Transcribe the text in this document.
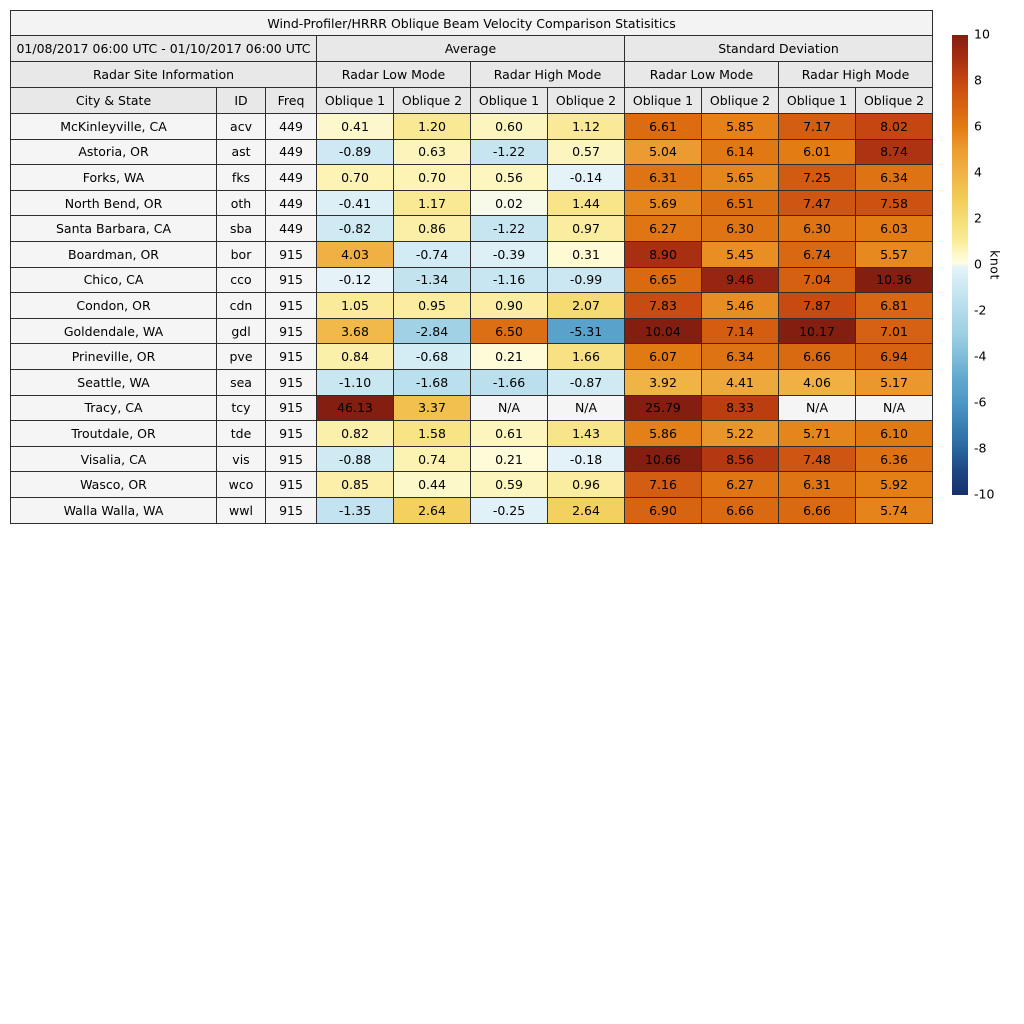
Wind-Profiler/HRRR Oblique Beam Velocity Comparison Statisitics										
01/08/2017 06:00 UTC - 01/10/2017 06:00 UTC			Average				Standard Deviation			
Radar Site Information			Radar Low Mode		Radar High Mode		Radar Low Mode		Radar High Mode	
City & State	ID	Freq	Oblique 1	Oblique 2	Oblique 1	Oblique 2	Oblique 1	Oblique 2	Oblique 1	Oblique 2
McKinleyville, CA	acv	449	0.41	1.20	0.60	1.12	6.61	5.85	7.17	8.02
Astoria, OR	ast	449	-0.89	0.63	-1.22	0.57	5.04	6.14	6.01	8.74
Forks, WA	fks	449	0.70	0.70	0.56	-0.14	6.31	5.65	7.25	6.34
North Bend, OR	oth	449	-0.41	1.17	0.02	1.44	5.69	6.51	7.47	7.58
Santa Barbara, CA	sba	449	-0.82	0.86	-1.22	0.97	6.27	6.30	6.30	6.03
Boardman, OR	bor	915	4.03	-0.74	-0.39	0.31	8.90	5.45	6.74	5.57
Chico, CA	cco	915	-0.12	-1.34	-1.16	-0.99	6.65	9.46	7.04	10.36
Condon, OR	cdn	915	1.05	0.95	0.90	2.07	7.83	5.46	7.87	6.81
Goldendale, WA	gdl	915	3.68	-2.84	6.50	-5.31	10.04	7.14	10.17	7.01
Prineville, OR	pve	915	0.84	-0.68	0.21	1.66	6.07	6.34	6.66	6.94
Seattle, WA	sea	915	-1.10	-1.68	-1.66	-0.87	3.92	4.41	4.06	5.17
Tracy, CA	tcy	915	46.13	3.37	N/A	N/A	25.79	8.33	N/A	N/A
Troutdale, OR	tde	915	0.82	1.58	0.61	1.43	5.86	5.22	5.71	6.10
Visalia, CA	vis	915	-0.88	0.74	0.21	-0.18	10.66	8.56	7.48	6.36
Wasco, OR	wco	915	0.85	0.44	0.59	0.96	7.16	6.27	6.31	5.92
Walla Walla, WA	wwl	915	-1.35	2.64	-0.25	2.64	6.90	6.66	6.66	5.74
10
8
6
4
2
0
-2
-4
-6
-8
-10
knot
